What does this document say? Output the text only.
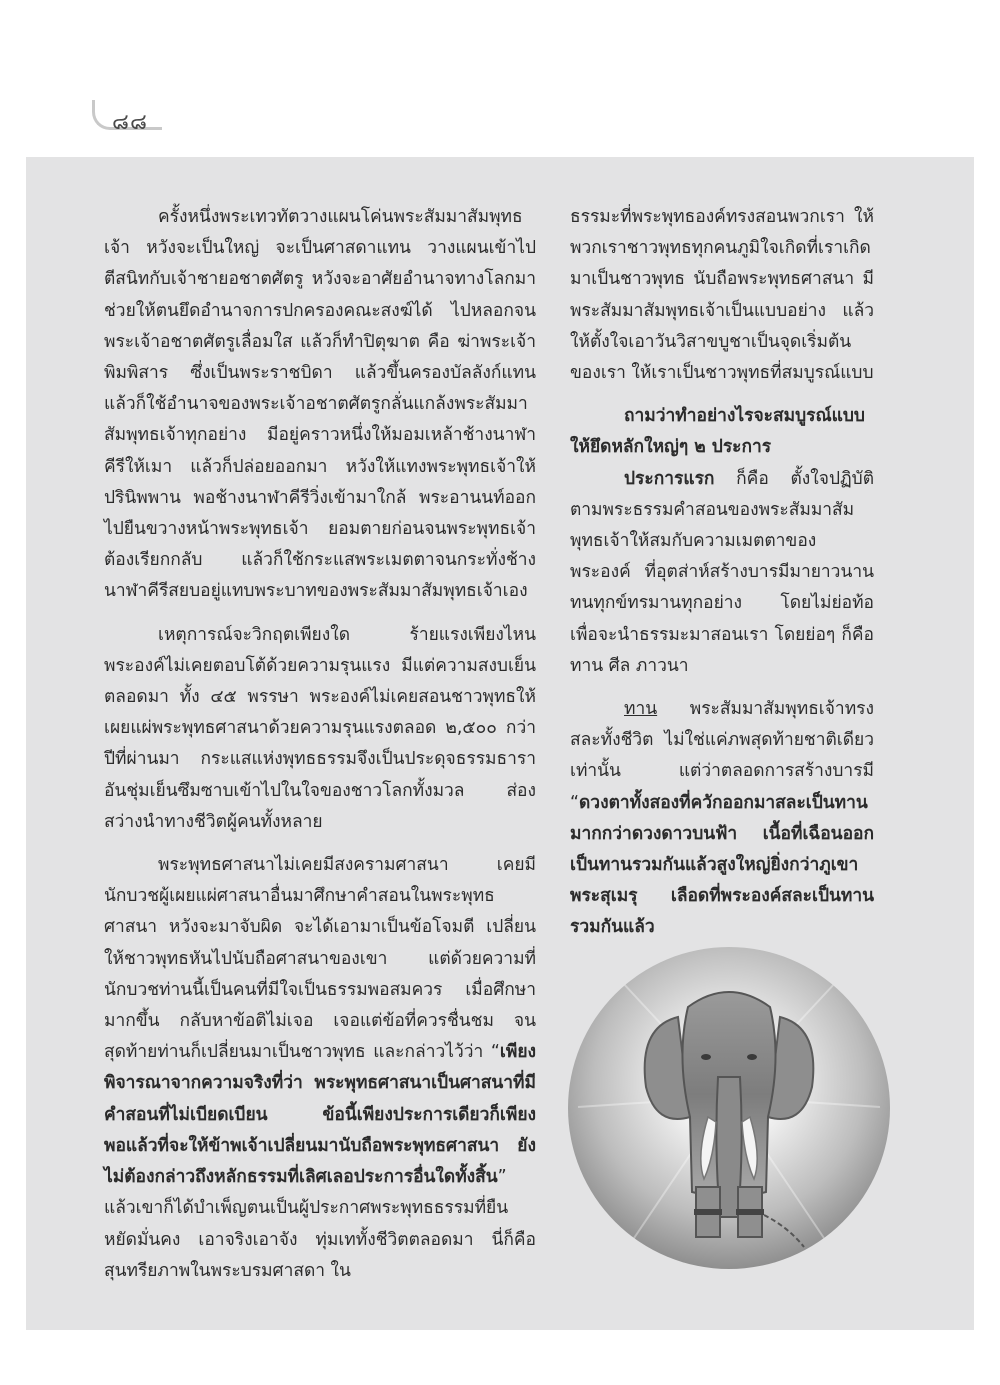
๘๘

ครั้งหนึ่งพระเทวทัตวางแผนโค่นพระสัมมาสัมพุทธเจ้า หวังจะเป็นใหญ่ จะเป็นศาสดาแทน วางแผนเข้าไปตีสนิทกับเจ้าชายอชาตศัตรู หวังจะอาศัยอำนาจทางโลกมาช่วยให้ตนยึดอำนาจการปกครองคณะสงฆ์ได้ ไปหลอกจนพระเจ้าอชาตศัตรูเลื่อมใส แล้วก็ทำปิตุฆาต คือ ฆ่าพระเจ้าพิมพิสาร ซึ่งเป็นพระราชบิดา แล้วขึ้นครองบัลลังก์แทน แล้วก็ใช้อำนาจของพระเจ้าอชาตศัตรูกลั่นแกล้งพระสัมมาสัมพุทธเจ้าทุกอย่าง มีอยู่คราวหนึ่งให้มอมเหล้าช้างนาฬาคีรีให้เมา แล้วก็ปล่อยออกมา หวังให้แทงพระพุทธเจ้าให้ปรินิพพาน พอช้างนาฬาคีรีวิ่งเข้ามาใกล้ พระอานนท์ออกไปยืนขวางหน้าพระพุทธเจ้า ยอมตายก่อนจนพระพุทธเจ้าต้องเรียกกลับ แล้วก็ใช้กระแสพระเมตตาจนกระทั่งช้างนาฬาคีรีสยบอยู่แทบพระบาทของพระสัมมาสัมพุทธเจ้าเอง

เหตุการณ์จะวิกฤตเพียงใด ร้ายแรงเพียงไหน พระองค์ไม่เคยตอบโต้ด้วยความรุนแรง มีแต่ความสงบเย็นตลอดมา ทั้ง ๔๕ พรรษา พระองค์ไม่เคยสอนชาวพุทธให้เผยแผ่พระพุทธศาสนาด้วยความรุนแรงตลอด ๒,๕๐๐ กว่าปีที่ผ่านมา กระแสแห่งพุทธธรรมจึงเป็นประดุจธรรมธาราอันชุ่มเย็นซึมซาบเข้าไปในใจของชาวโลกทั้งมวล ส่องสว่างนำทางชีวิตผู้คนทั้งหลาย

พระพุทธศาสนาไม่เคยมีสงครามศาสนา เคยมีนักบวชผู้เผยแผ่ศาสนาอื่นมาศึกษาคำสอนในพระพุทธศาสนา หวังจะมาจับผิด จะได้เอามาเป็นข้อโจมตี เปลี่ยนให้ชาวพุทธหันไปนับถือศาสนาของเขา แต่ด้วยความที่นักบวชท่านนี้เป็นคนที่มีใจเป็นธรรมพอสมควร เมื่อศึกษามากขึ้น กลับหาข้อติไม่เจอ เจอแต่ข้อที่ควรชื่นชม จนสุดท้ายท่านก็เปลี่ยนมาเป็นชาวพุทธ และกล่าวไว้ว่า “เพียงพิจารณาจากความจริงที่ว่า พระพุทธศาสนาเป็นศาสนาที่มีคำสอนที่ไม่เบียดเบียน ข้อนี้เพียงประการเดียวก็เพียงพอแล้วที่จะให้ข้าพเจ้าเปลี่ยนมานับถือพระพุทธศาสนา ยังไม่ต้องกล่าวถึงหลักธรรมที่เลิศเลอประการอื่นใดทั้งสิ้น” แล้วเขาก็ได้บำเพ็ญตนเป็นผู้ประกาศพระพุทธธรรมที่ยืนหยัดมั่นคง เอาจริงเอาจัง ทุ่มเททั้งชีวิตตลอดมา นี่ก็คือสุนทรียภาพในพระบรมศาสดา ใน

ธรรมะที่พระพุทธองค์ทรงสอนพวกเรา ให้พวกเราชาวพุทธทุกคนภูมิใจเกิดที่เราเกิดมาเป็นชาวพุทธ นับถือพระพุทธศาสนา มีพระสัมมาสัมพุทธเจ้าเป็นแบบอย่าง แล้วให้ตั้งใจเอาวันวิสาขบูชาเป็นจุดเริ่มต้นของเรา ให้เราเป็นชาวพุทธที่สมบูรณ์แบบ

ถามว่าทำอย่างไรจะสมบูรณ์แบบ ให้ยึดหลักใหญ่ๆ ๒ ประการ

ประการแรก ก็คือ ตั้งใจปฏิบัติตามพระธรรมคำสอนของพระสัมมาสัมพุทธเจ้าให้สมกับความเมตตาของพระองค์ ที่อุตส่าห์สร้างบารมีมายาวนาน ทนทุกข์ทรมานทุกอย่าง โดยไม่ย่อท้อ เพื่อจะนำธรรมะมาสอนเรา โดยย่อๆ ก็คือ ทาน ศีล ภาวนา

ทาน พระสัมมาสัมพุทธเจ้าทรงสละทั้งชีวิต ไม่ใช่แค่ภพสุดท้ายชาติเดียวเท่านั้น แต่ว่าตลอดการสร้างบารมี “ดวงตาทั้งสองที่ควักออกมาสละเป็นทานมากกว่าดวงดาวบนฟ้า เนื้อที่เฉือนออกเป็นทานรวมกันแล้วสูงใหญ่ยิ่งกว่าภูเขาพระสุเมรุ เลือดที่พระองค์สละเป็นทาน รวมกันแล้ว
